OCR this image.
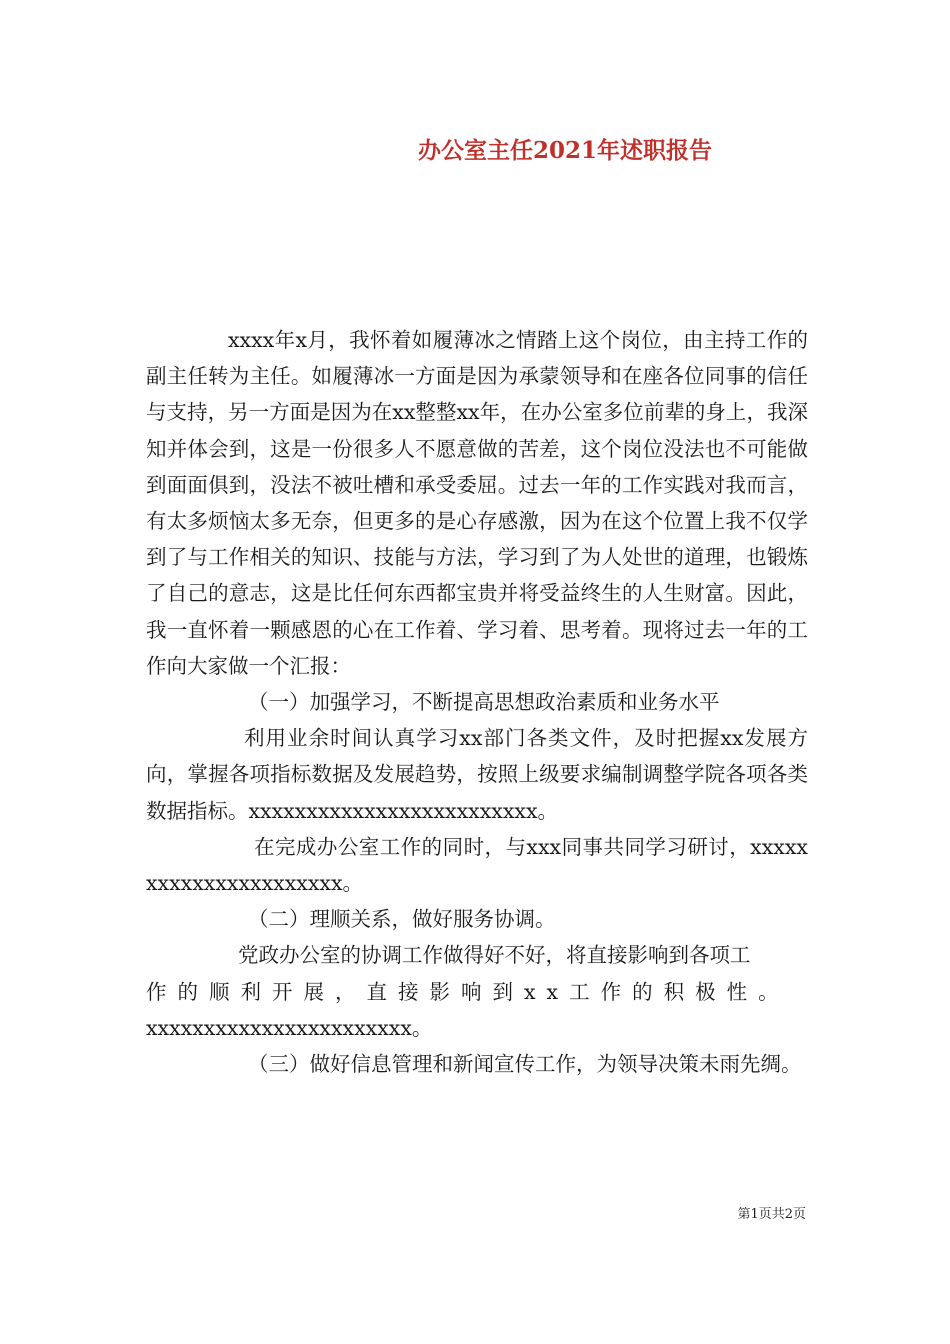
办公室主任2021年述职报告

xxxx年x月，我怀着如履薄冰之情踏上这个岗位，由主持工作的副主任转为主任。如履薄冰一方面是因为承蒙领导和在座各位同事的信任与支持，另一方面是因为在xx整整xx年，在办公室多位前辈的身上，我深知并体会到，这是一份很多人不愿意做的苦差，这个岗位没法也不可能做到面面俱到，没法不被吐槽和承受委屈。过去一年的工作实践对我而言，有太多烦恼太多无奈，但更多的是心存感激，因为在这个位置上我不仅学到了与工作相关的知识、技能与方法，学习到了为人处世的道理，也锻炼了自己的意志，这是比任何东西都宝贵并将受益终生的人生财富。因此，我一直怀着一颗感恩的心在工作着、学习着、思考着。现将过去一年的工作向大家做一个汇报：

（一）加强学习，不断提高思想政治素质和业务水平

利用业余时间认真学习xx部门各类文件，及时把握xx发展方向，掌握各项指标数据及发展趋势，按照上级要求编制调整学院各项各类数据指标。xxxxxxxxxxxxxxxxxxxxxxxxx。

在完成办公室工作的同时，与xxx同事共同学习研讨，xxxxxxxxxxxxxxxxxxxxxx。

（二）理顺关系，做好服务协调。

党政办公室的协调工作做得好不好，将直接影响到各项工

作的顺利开展，直接影响到xx工作的积极性。

xxxxxxxxxxxxxxxxxxxxxxx。

（三）做好信息管理和新闻宣传工作，为领导决策未雨先绸。

第1页共2页
